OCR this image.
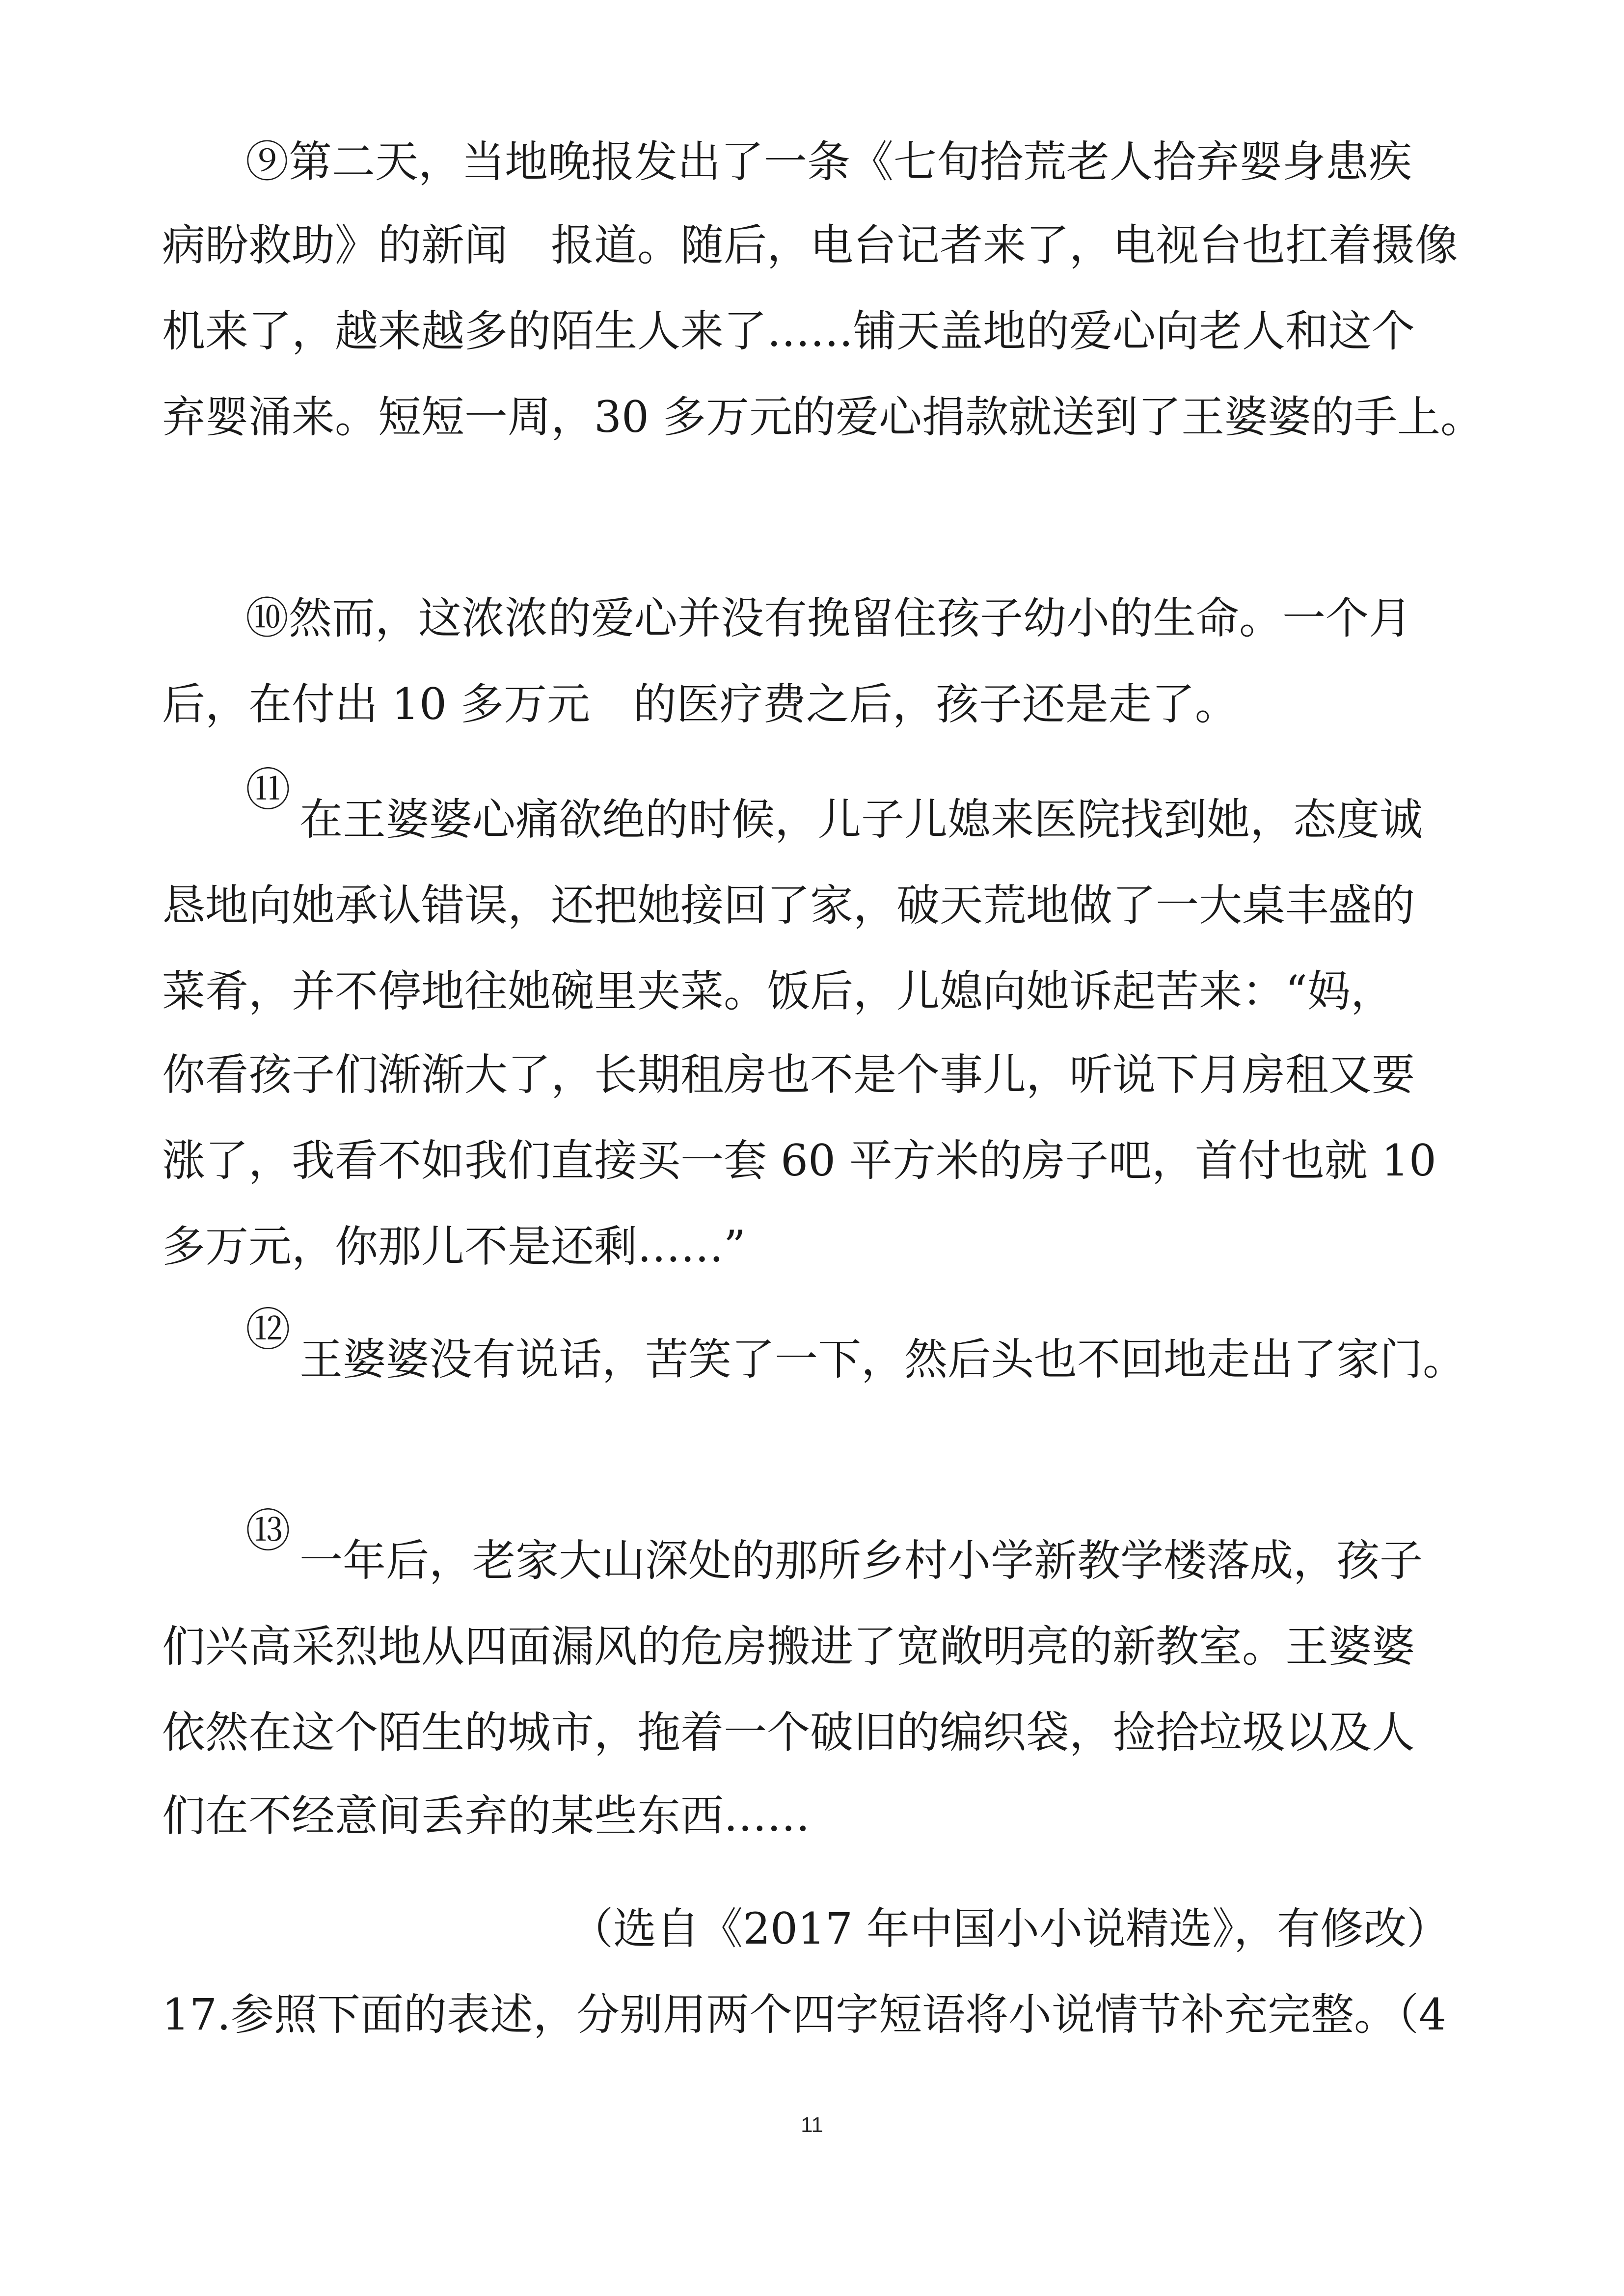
⑨第二天，当地晚报发出了一条《七旬拾荒老人拾弃婴身患疾
病盼救助》的新闻　报道。随后，电台记者来了，电视台也扛着摄像
机来了，越来越多的陌生人来了……铺天盖地的爱心向老人和这个
弃婴涌来。短短一周，30 多万元的爱心捐款就送到了王婆婆的手上。
⑩然而，这浓浓的爱心并没有挽留住孩子幼小的生命。一个月
后，在付出 10 多万元　的医疗费之后，孩子还是走了。
⑪
在王婆婆心痛欲绝的时候，儿子儿媳来医院找到她，态度诚
恳地向她承认错误，还把她接回了家，破天荒地做了一大桌丰盛的
菜肴，并不停地往她碗里夹菜。饭后，儿媳向她诉起苦来：“妈，
你看孩子们渐渐大了，长期租房也不是个事儿，听说下月房租又要
涨了，我看不如我们直接买一套 60 平方米的房子吧，首付也就 10
多万元，你那儿不是还剩……”
⑫
王婆婆没有说话，苦笑了一下，然后头也不回地走出了家门。
⑬
一年后，老家大山深处的那所乡村小学新教学楼落成，孩子
们兴高采烈地从四面漏风的危房搬进了宽敞明亮的新教室。王婆婆
依然在这个陌生的城市，拖着一个破旧的编织袋，捡拾垃圾以及人
们在不经意间丢弃的某些东西……
（选自《2017 年中国小小说精选》，有修改）
17.参照下面的表述，分别用两个四字短语将小说情节补充完整。（4
11
